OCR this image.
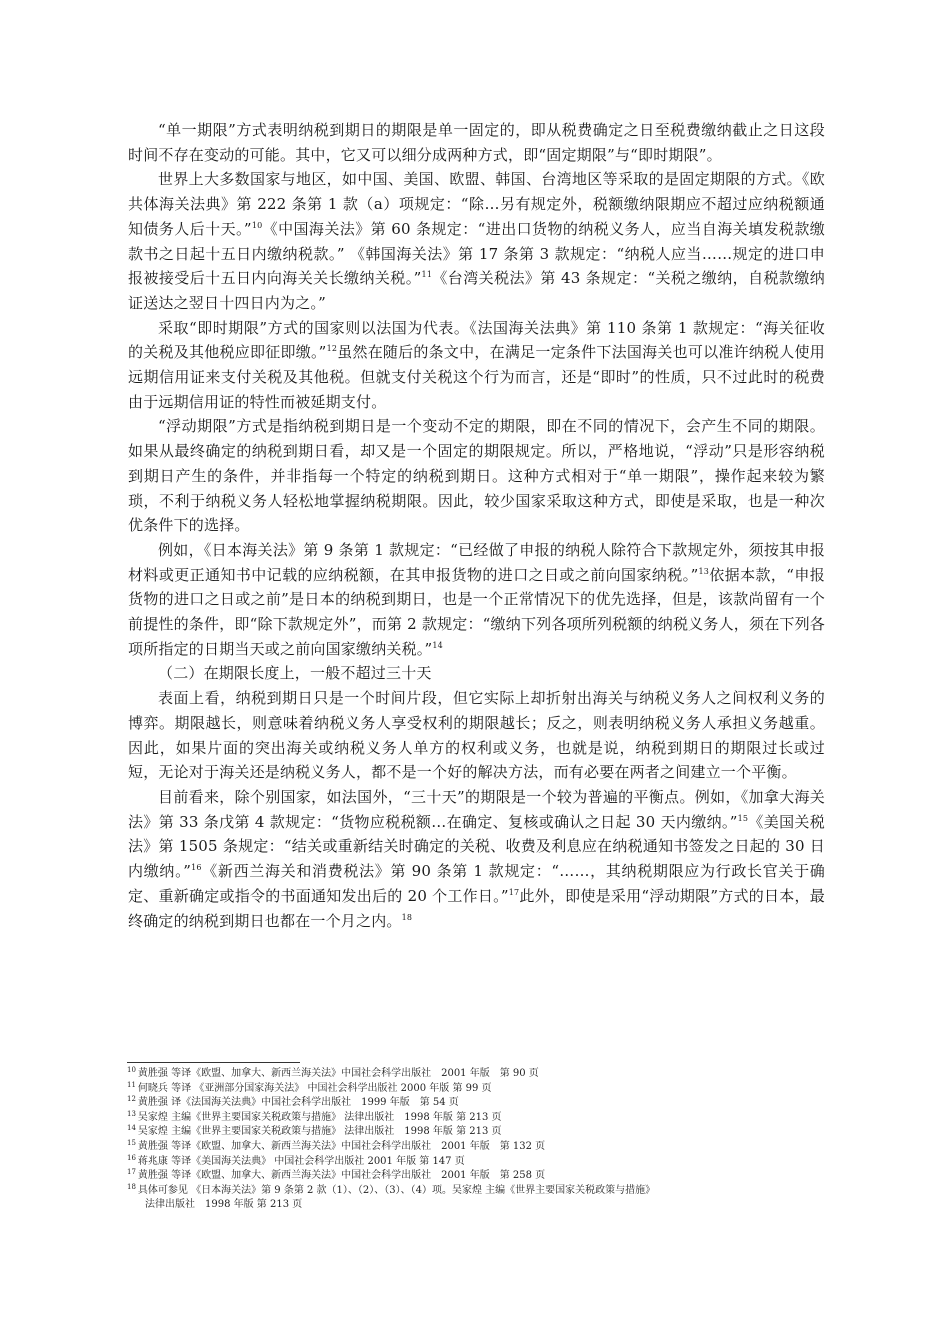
“单一期限”方式表明纳税到期日的期限是单一固定的，即从税费确定之日至税费缴纳截止之日这段时间不存在变动的可能。其中，它又可以细分成两种方式，即“固定期限”与“即时期限”。

世界上大多数国家与地区，如中国、美国、欧盟、韩国、台湾地区等采取的是固定期限的方式。《欧共体海关法典》第 222 条第 1 款（a）项规定：“除…另有规定外，税额缴纳限期应不超过应纳税额通知债务人后十天。”$^{10}$《中国海关法》第 60 条规定：“进出口货物的纳税义务人，应当自海关填发税款缴款书之日起十五日内缴纳税款。” 《韩国海关法》第 17 条第 3 款规定：“纳税人应当……规定的进口申报被接受后十五日内向海关关长缴纳关税。”$^{11}$《台湾关税法》第 43 条规定：“关税之缴纳，自税款缴纳证送达之翌日十四日内为之。”

采取“即时期限”方式的国家则以法国为代表。《法国海关法典》第 110 条第 1 款规定：“海关征收的关税及其他税应即征即缴。”$^{12}$虽然在随后的条文中，在满足一定条件下法国海关也可以准许纳税人使用远期信用证来支付关税及其他税。但就支付关税这个行为而言，还是“即时”的性质，只不过此时的税费由于远期信用证的特性而被延期支付。

“浮动期限”方式是指纳税到期日是一个变动不定的期限，即在不同的情况下，会产生不同的期限。如果从最终确定的纳税到期日看，却又是一个固定的期限规定。所以，严格地说，“浮动”只是形容纳税到期日产生的条件，并非指每一个特定的纳税到期日。这种方式相对于“单一期限”，操作起来较为繁琐，不利于纳税义务人轻松地掌握纳税期限。因此，较少国家采取这种方式，即使是采取，也是一种次优条件下的选择。

例如，《日本海关法》第 9 条第 1 款规定：“已经做了申报的纳税人除符合下款规定外，须按其申报材料或更正通知书中记载的应纳税额，在其申报货物的进口之日或之前向国家纳税。”$^{13}$依据本款，“申报货物的进口之日或之前”是日本的纳税到期日，也是一个正常情况下的优先选择，但是，该款尚留有一个前提性的条件，即“除下款规定外”，而第 2 款规定：“缴纳下列各项所列税额的纳税义务人，须在下列各项所指定的日期当天或之前向国家缴纳关税。”$^{14}$

（二）在期限长度上，一般不超过三十天

表面上看，纳税到期日只是一个时间片段，但它实际上却折射出海关与纳税义务人之间权利义务的博弈。期限越长，则意味着纳税义务人享受权利的期限越长；反之，则表明纳税义务人承担义务越重。因此，如果片面的突出海关或纳税义务人单方的权利或义务，也就是说，纳税到期日的期限过长或过短，无论对于海关还是纳税义务人，都不是一个好的解决方法，而有必要在两者之间建立一个平衡。

目前看来，除个别国家，如法国外，“三十天”的期限是一个较为普遍的平衡点。例如，《加拿大海关法》第 33 条戊第 4 款规定：“货物应税税额…在确定、复核或确认之日起 30 天内缴纳。”$^{15}$《美国关税法》第 1505 条规定：“结关或重新结关时确定的关税、收费及利息应在纳税通知书签发之日起的 30 日内缴纳。”$^{16}$《新西兰海关和消费税法》第 90 条第 1 款规定：“……，其纳税期限应为行政长官关于确定、重新确定或指令的书面通知发出后的 20 个工作日。”$^{17}$此外，即使是采用“浮动期限”方式的日本，最终确定的纳税到期日也都在一个月之内。$^{18}$

$^{10}$ 黄胜强 等译《欧盟、加拿大、新西兰海关法》中国社会科学出版社　2001 年版　第 90 页
$^{11}$ 何晓兵 等译 《亚洲部分国家海关法》 中国社会科学出版社 2000 年版 第 99 页
$^{12}$ 黄胜强 译《法国海关法典》中国社会科学出版社　1999 年版　第 54 页
$^{13}$ 吴家煌 主编《世界主要国家关税政策与措施》 法律出版社　1998 年版 第 213 页
$^{14}$ 吴家煌 主编《世界主要国家关税政策与措施》 法律出版社　1998 年版 第 213 页
$^{15}$ 黄胜强 等译《欧盟、加拿大、新西兰海关法》中国社会科学出版社　2001 年版　第 132 页
$^{16}$ 蒋兆康 等译《美国海关法典》 中国社会科学出版社 2001 年版 第 147 页
$^{17}$ 黄胜强 等译《欧盟、加拿大、新西兰海关法》中国社会科学出版社　2001 年版　第 258 页
$^{18}$ 具体可参见 《日本海关法》第 9 条第 2 款（1）、（2）、（3）、（4）项。吴家煌 主编《世界主要国家关税政策与措施》
法律出版社　1998 年版 第 213 页
